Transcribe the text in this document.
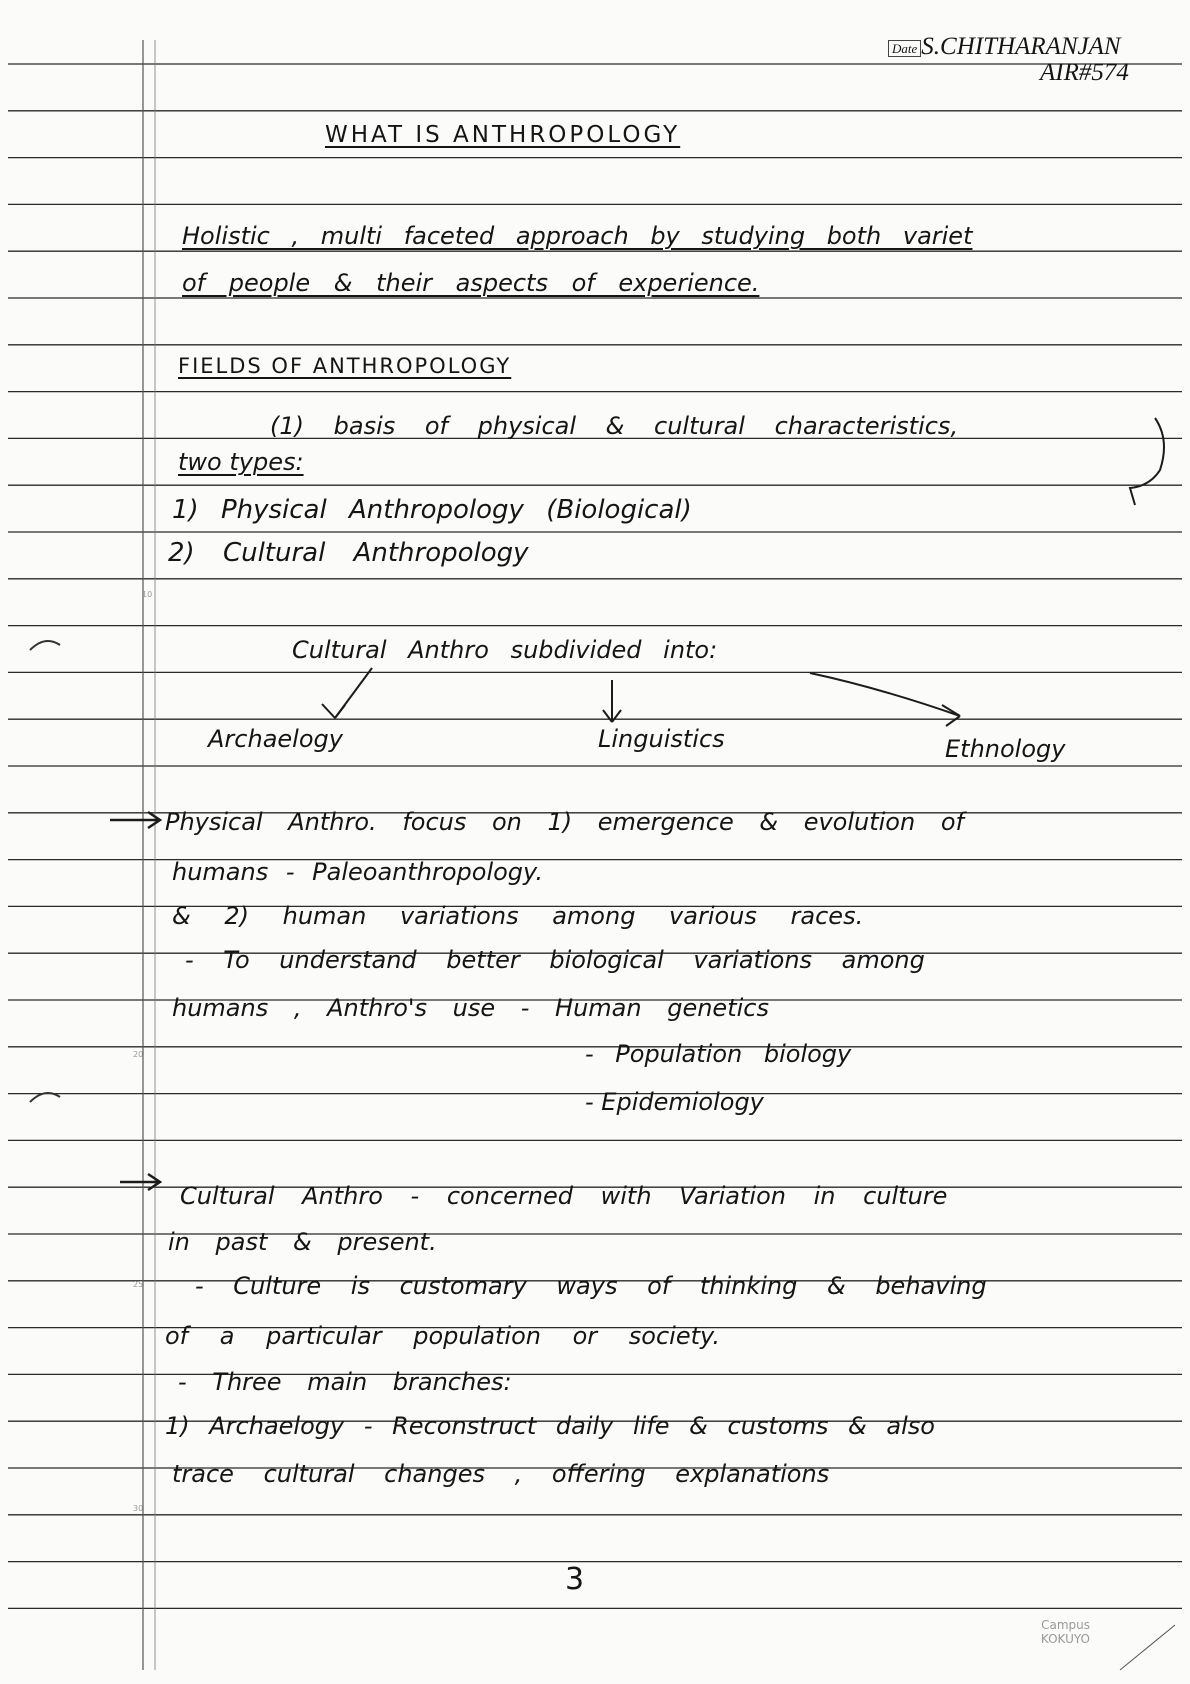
Date S.CHITHARANJAN
AIR#574
WHAT IS ANTHROPOLOGY
Holistic , multi faceted approach by studying both variet
of people & their aspects of experience.
FIELDS OF ANTHROPOLOGY
(1) basis of physical & cultural characteristics,
two types:
1) Physical Anthropology (Biological)
2) Cultural Anthropology
Cultural Anthro subdivided into:
Archaelogy	Linguistics	Ethnology
Physical Anthro. focus on 1) emergence & evolution of
humans - Paleoanthropology.
& 2) human variations among various races.
- To understand better biological variations among
humans , Anthro's use - Human genetics
- Population biology
- Epidemiology
Cultural Anthro - concerned with Variation in culture
in past & present.
- Culture is customary ways of thinking & behaving
of a particular population or society.
- Three main branches:
1) Archaelogy - Reconstruct daily life & customs & also
trace cultural changes , offering explanations
3
Campus
KOKUYO
10
20
25
30
